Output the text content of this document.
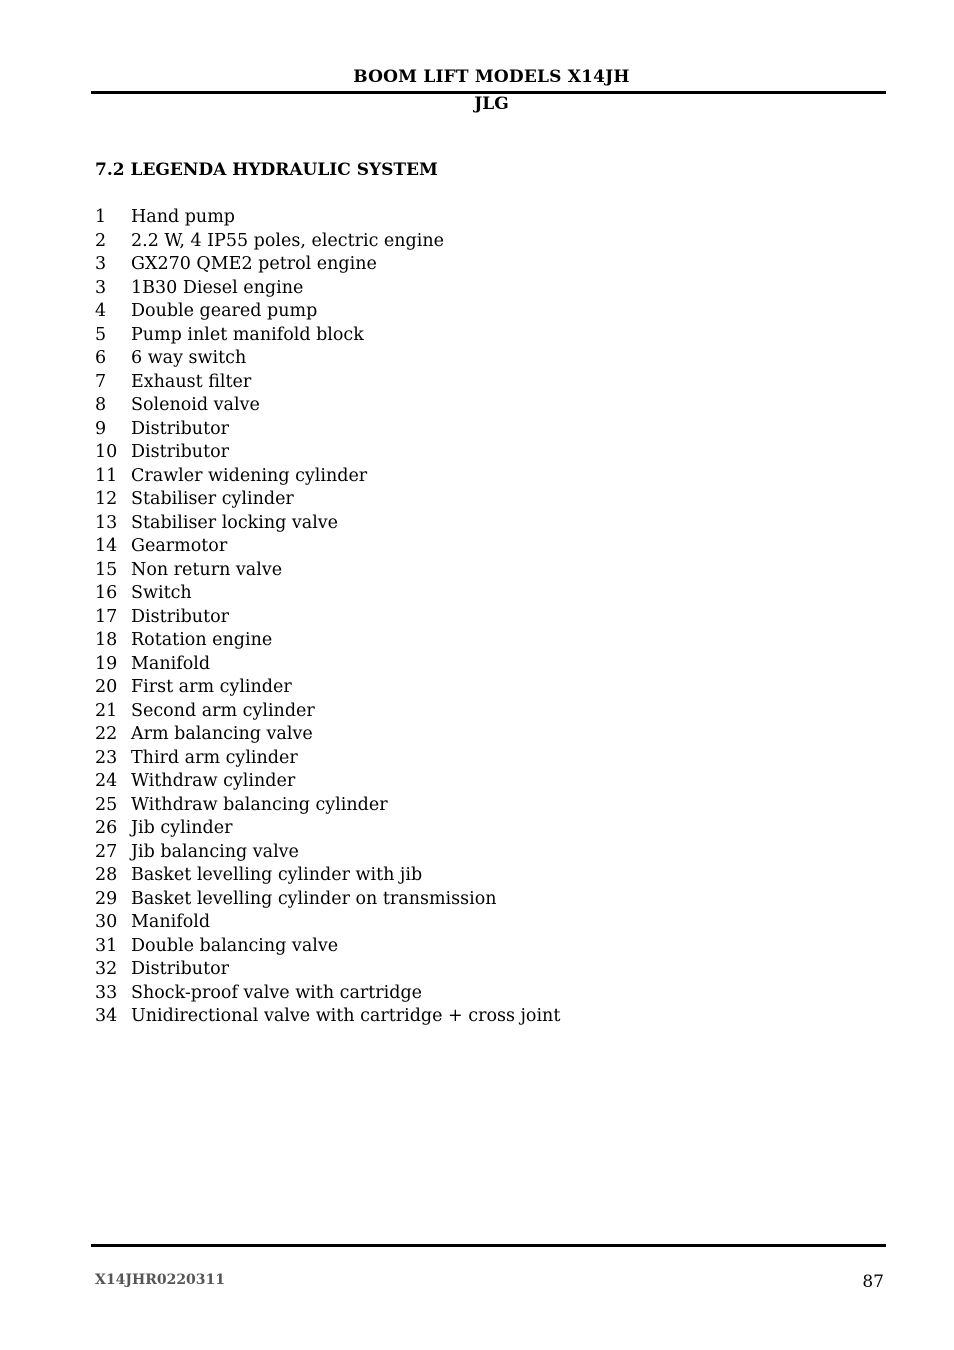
BOOM LIFT MODELS X14JH
JLG
7.2 LEGENDA HYDRAULIC SYSTEM
1	Hand pump
2	2.2 W, 4 IP55 poles, electric engine
3	GX270 QME2 petrol engine
3	1B30 Diesel engine
4	Double geared pump
5	Pump inlet manifold block
6	6 way switch
7	Exhaust filter
8	Solenoid valve
9	Distributor
10 Distributor
11 Crawler widening cylinder
12 Stabiliser cylinder
13 Stabiliser locking valve
14 Gearmotor
15 Non return valve
16 Switch
17 Distributor
18 Rotation engine
19 Manifold
20 First arm cylinder
21 Second arm cylinder
22 Arm balancing valve
23 Third arm cylinder
24 Withdraw cylinder
25 Withdraw balancing cylinder
26 Jib cylinder
27 Jib balancing valve
28 Basket levelling cylinder with jib
29 Basket levelling cylinder on transmission
30 Manifold
31 Double balancing valve
32 Distributor
33 Shock-proof valve with cartridge
34 Unidirectional valve with cartridge + cross joint
X14JHR0220311	87
